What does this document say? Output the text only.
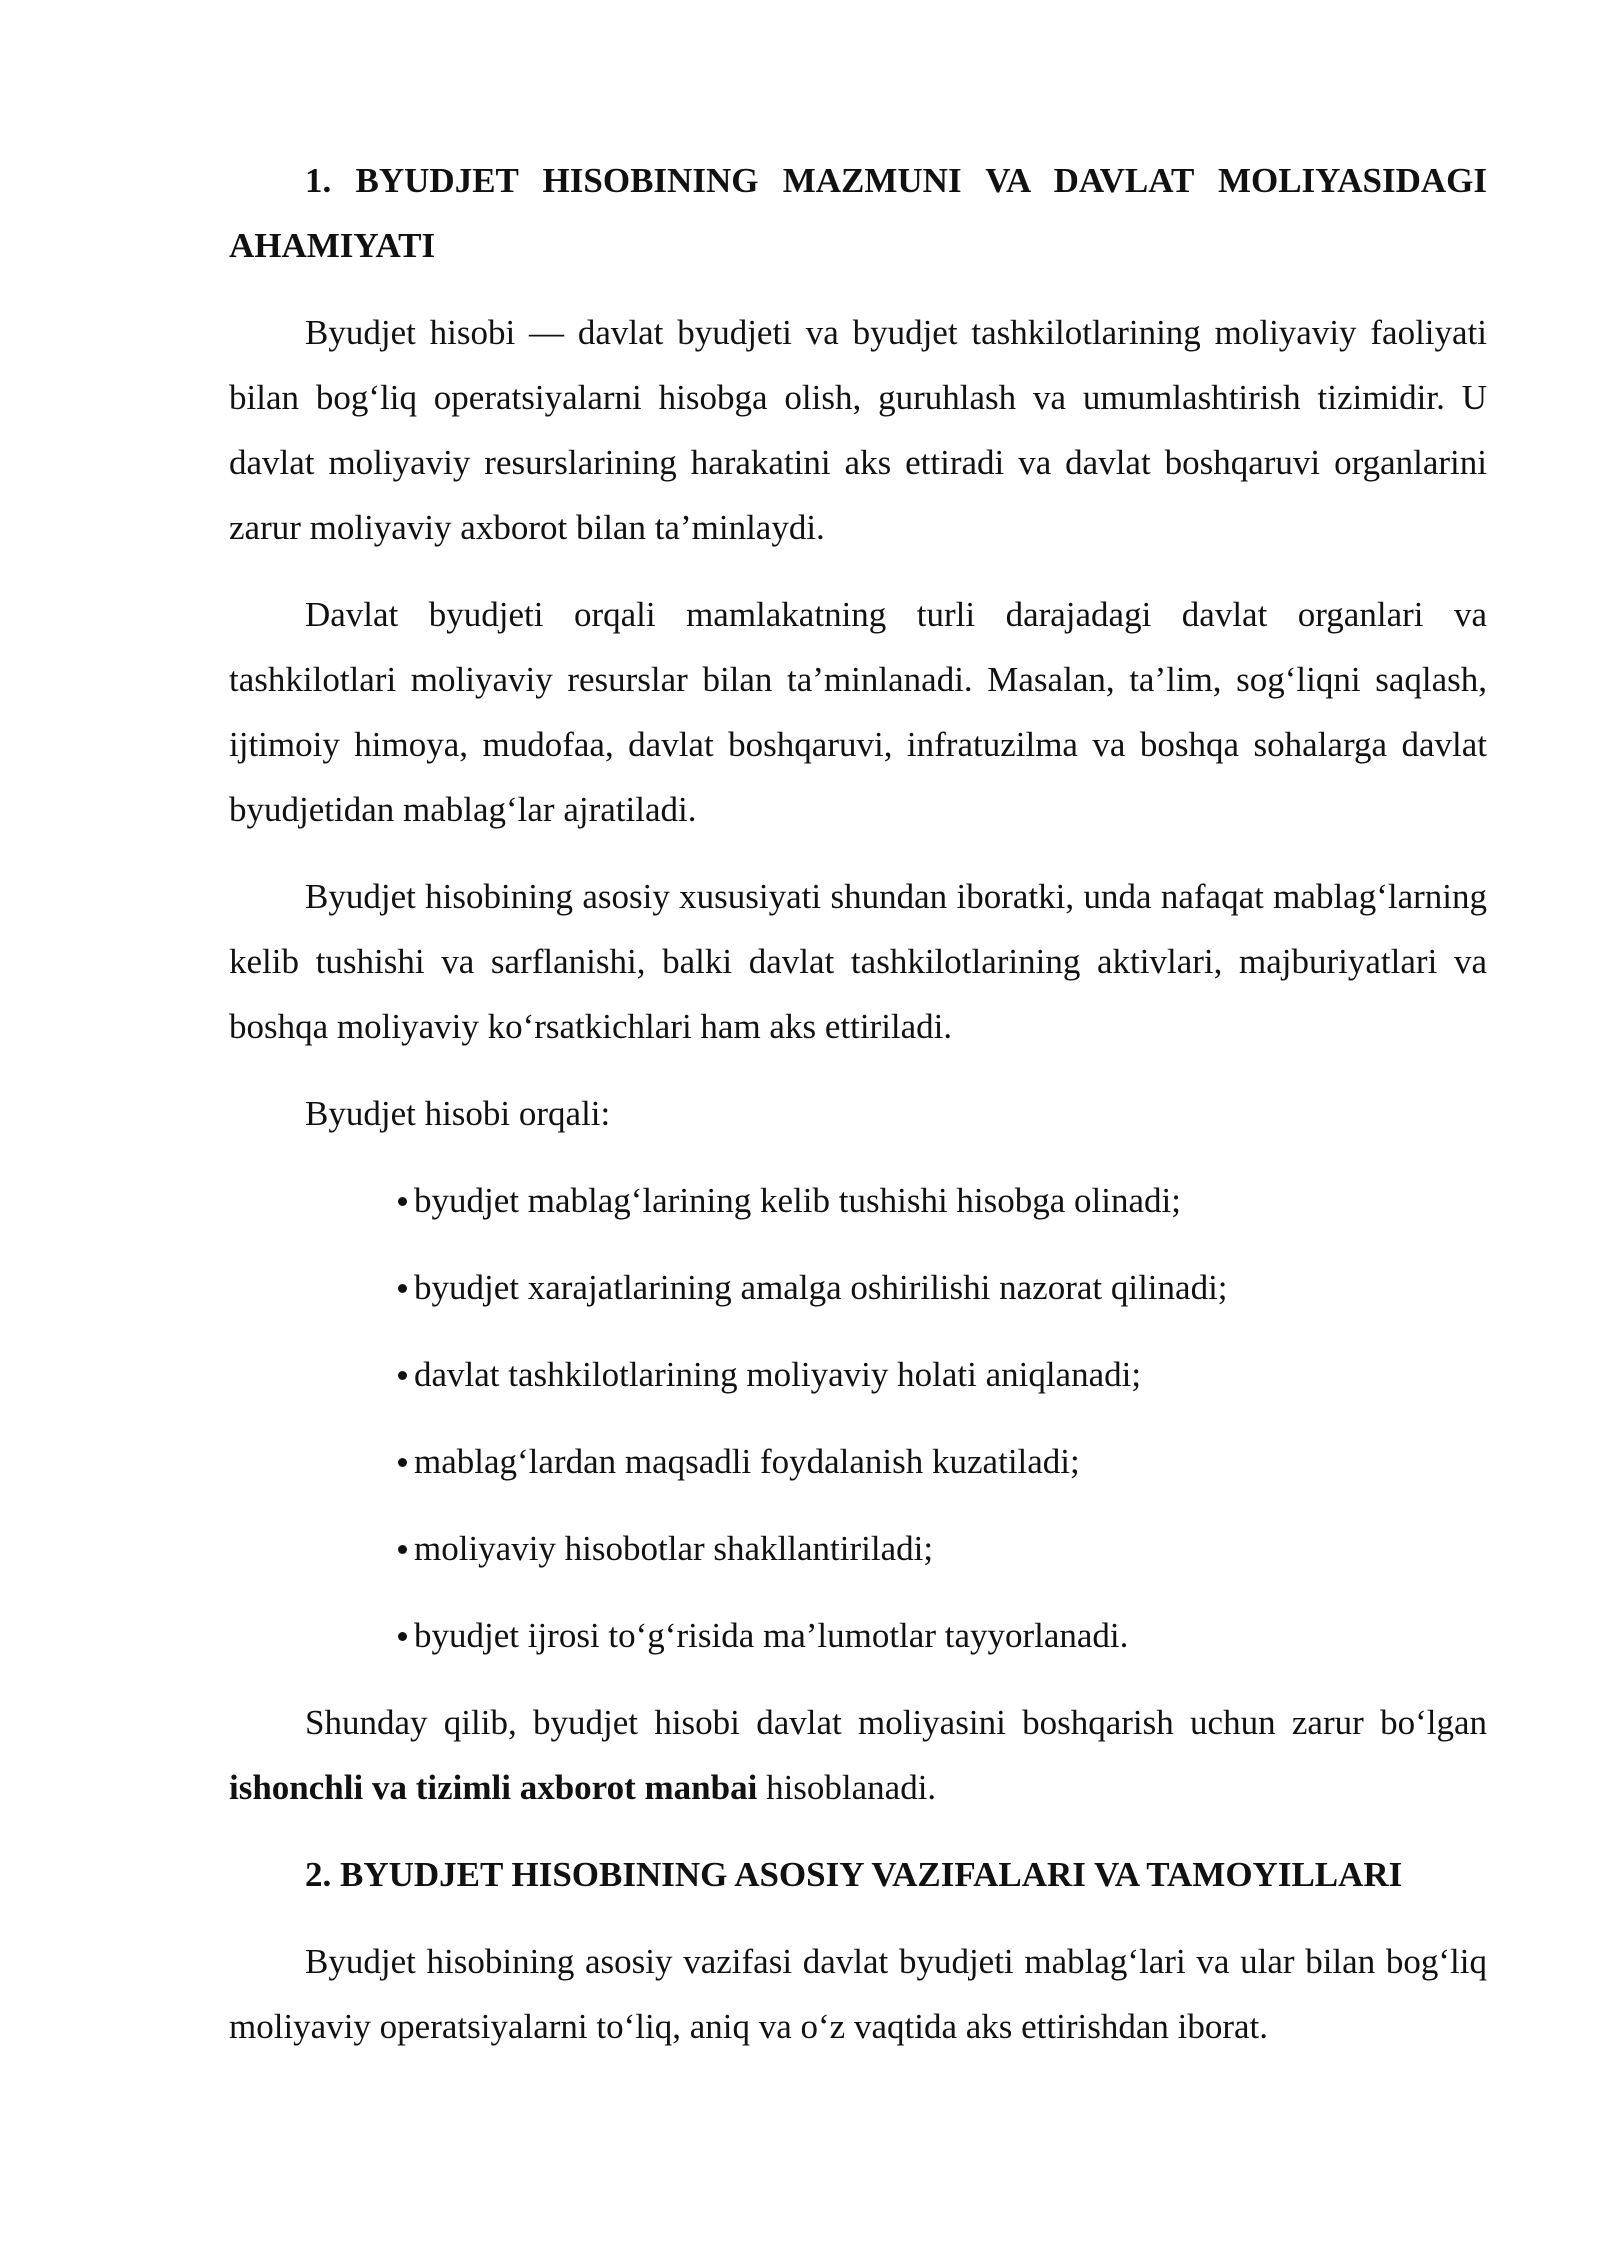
1. BYUDJET HISOBINING MAZMUNI VA DAVLAT MOLIYASIDAGI AHAMIYATI

Byudjet hisobi — davlat byudjeti va byudjet tashkilotlarining moliyaviy faoliyati bilan bog‘liq operatsiyalarni hisobga olish, guruhlash va umumlashtirish tizimidir. U davlat moliyaviy resurslarining harakatini aks ettiradi va davlat boshqaruvi organlarini zarur moliyaviy axborot bilan ta’minlaydi.

Davlat byudjeti orqali mamlakatning turli darajadagi davlat organlari va tashkilotlari moliyaviy resurslar bilan ta’minlanadi. Masalan, ta’lim, sog‘liqni saqlash, ijtimoiy himoya, mudofaa, davlat boshqaruvi, infratuzilma va boshqa sohalarga davlat byudjetidan mablag‘lar ajratiladi.

Byudjet hisobining asosiy xususiyati shundan iboratki, unda nafaqat mablag‘larning kelib tushishi va sarflanishi, balki davlat tashkilotlarining aktivlari, majburiyatlari va boshqa moliyaviy ko‘rsatkichlari ham aks ettiriladi.

Byudjet hisobi orqali:

byudjet mablag‘larining kelib tushishi hisobga olinadi;
byudjet xarajatlarining amalga oshirilishi nazorat qilinadi;
davlat tashkilotlarining moliyaviy holati aniqlanadi;
mablag‘lardan maqsadli foydalanish kuzatiladi;
moliyaviy hisobotlar shakllantiriladi;
byudjet ijrosi to‘g‘risida ma’lumotlar tayyorlanadi.

Shunday qilib, byudjet hisobi davlat moliyasini boshqarish uchun zarur bo‘lgan ishonchli va tizimli axborot manbai hisoblanadi.

2. BYUDJET HISOBINING ASOSIY VAZIFALARI VA TAMOYILLARI

Byudjet hisobining asosiy vazifasi davlat byudjeti mablag‘lari va ular bilan bog‘liq moliyaviy operatsiyalarni to‘liq, aniq va o‘z vaqtida aks ettirishdan iborat.
